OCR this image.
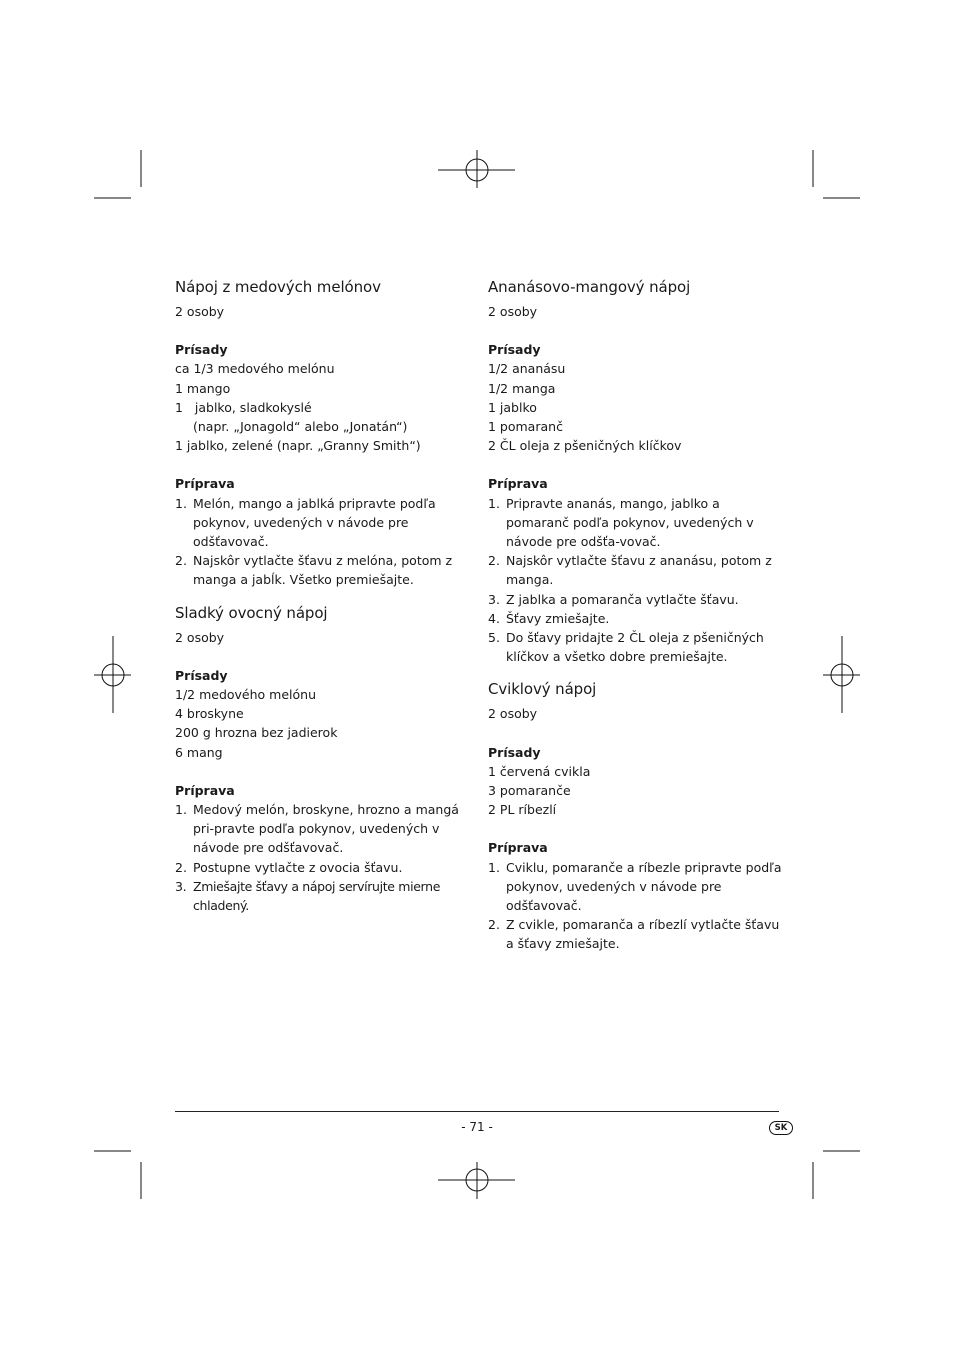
Nápoj z medových melónov
2 osoby
Prísady
ca 1/3 medového melónu
1 mango
1   jablko, sladkokyslé
(napr. „Jonagold“ alebo „Jonatán“)
1 jablko, zelené (napr. „Granny Smith“)
Príprava
1. Melón, mango a jablká pripravte podľa pokynov, uvedených v návode pre odšťavovač.
2. Najskôr vytlačte šťavu z melóna, potom z manga a jabĺk. Všetko premiešajte.
Sladký ovocný nápoj
2 osoby
Prísady
1/2 medového melónu
4 broskyne
200 g hrozna bez jadierok
6 mang
Príprava
1. Medový melón, broskyne, hrozno a mangá pri-pravte podľa pokynov, uvedených v návode pre odšťavovač.
2. Postupne vytlačte z ovocia šťavu.
3. Zmiešajte šťavy a nápoj servírujte mierne chladený.
Ananásovo-mangový nápoj
2 osoby
Prísady
1/2 ananásu
1/2 manga
1 jablko
1 pomaranč
2 ČL oleja z pšeničných klíčkov
Príprava
1. Pripravte ananás, mango, jablko a pomaranč podľa pokynov, uvedených v návode pre odšťa-vovač.
2. Najskôr vytlačte šťavu z ananásu, potom z manga.
3. Z jablka a pomaranča vytlačte šťavu.
4. Šťavy zmiešajte.
5. Do šťavy pridajte 2 ČL oleja z pšeničných klíčkov a všetko dobre premiešajte.
Cviklový nápoj
2 osoby
Prísady
1 červená cvikla
3 pomaranče
2 PL ríbezlí
Príprava
1. Cviklu, pomaranče a ríbezle pripravte podľa pokynov, uvedených v návode pre odšťavovač.
2. Z cvikle, pomaranča a ríbezlí vytlačte šťavu a šťavy zmiešajte.
- 71 -	SK
